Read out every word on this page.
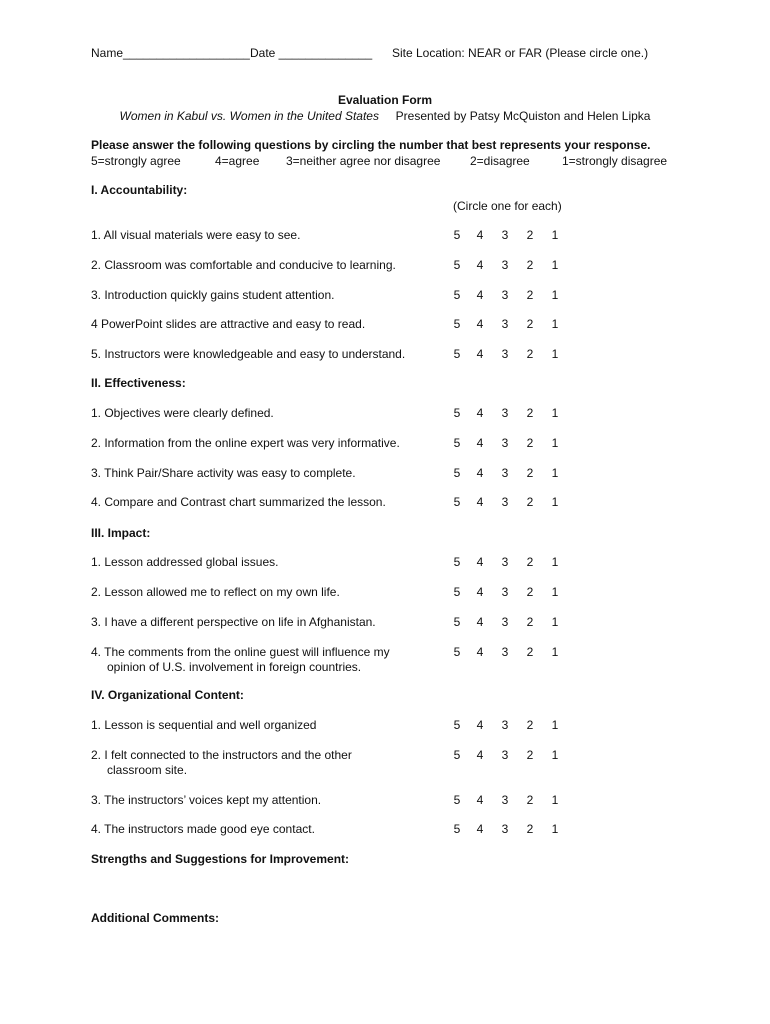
Name___________________ Date ______________ Site Location: NEAR or FAR (Please circle one.)
Evaluation Form
Women in Kabul vs. Women in the United States Presented by Patsy McQuiston and Helen Lipka
Please answer the following questions by circling the number that best represents your response.
5=strongly agree	4=agree 3=neither agree nor disagree 2=disagree	1=strongly disagree
(Circle one for each)
I. Accountability:
1. All visual materials were easy to see.	5	4	3	2	1
2. Classroom was comfortable and conducive to learning.	5	4	3	2	1
3. Introduction quickly gains student attention.	5	4	3	2	1
4 PowerPoint slides are attractive and easy to read.	5	4	3	2	1
5. Instructors were knowledgeable and easy to understand.	5	4	3	2	1
II. Effectiveness:
1. Objectives were clearly defined.	5	4	3	2	1
2. Information from the online expert was very informative.	5	4	3	2	1
3. Think Pair/Share activity was easy to complete.	5	4	3	2	1
4. Compare and Contrast chart summarized the lesson.	5	4	3	2	1
III. Impact:
1. Lesson addressed global issues.	5	4	3	2	1
2. Lesson allowed me to reflect on my own life.	5	4	3	2	1
3. I have a different perspective on life in Afghanistan.	5	4	3	2	1
4. The comments from the online guest will influence my
opinion of U.S. involvement in foreign countries.
5	4	3	2	1
IV. Organizational Content:
1. Lesson is sequential and well organized	5	4	3	2	1
2. I felt connected to the instructors and the other
classroom site.
5	4	3	2	1
3. The instructors’ voices kept my attention.	5	4	3	2	1
4. The instructors made good eye contact.	5	4	3	2	1
Strengths and Suggestions for Improvement:
Additional Comments:
